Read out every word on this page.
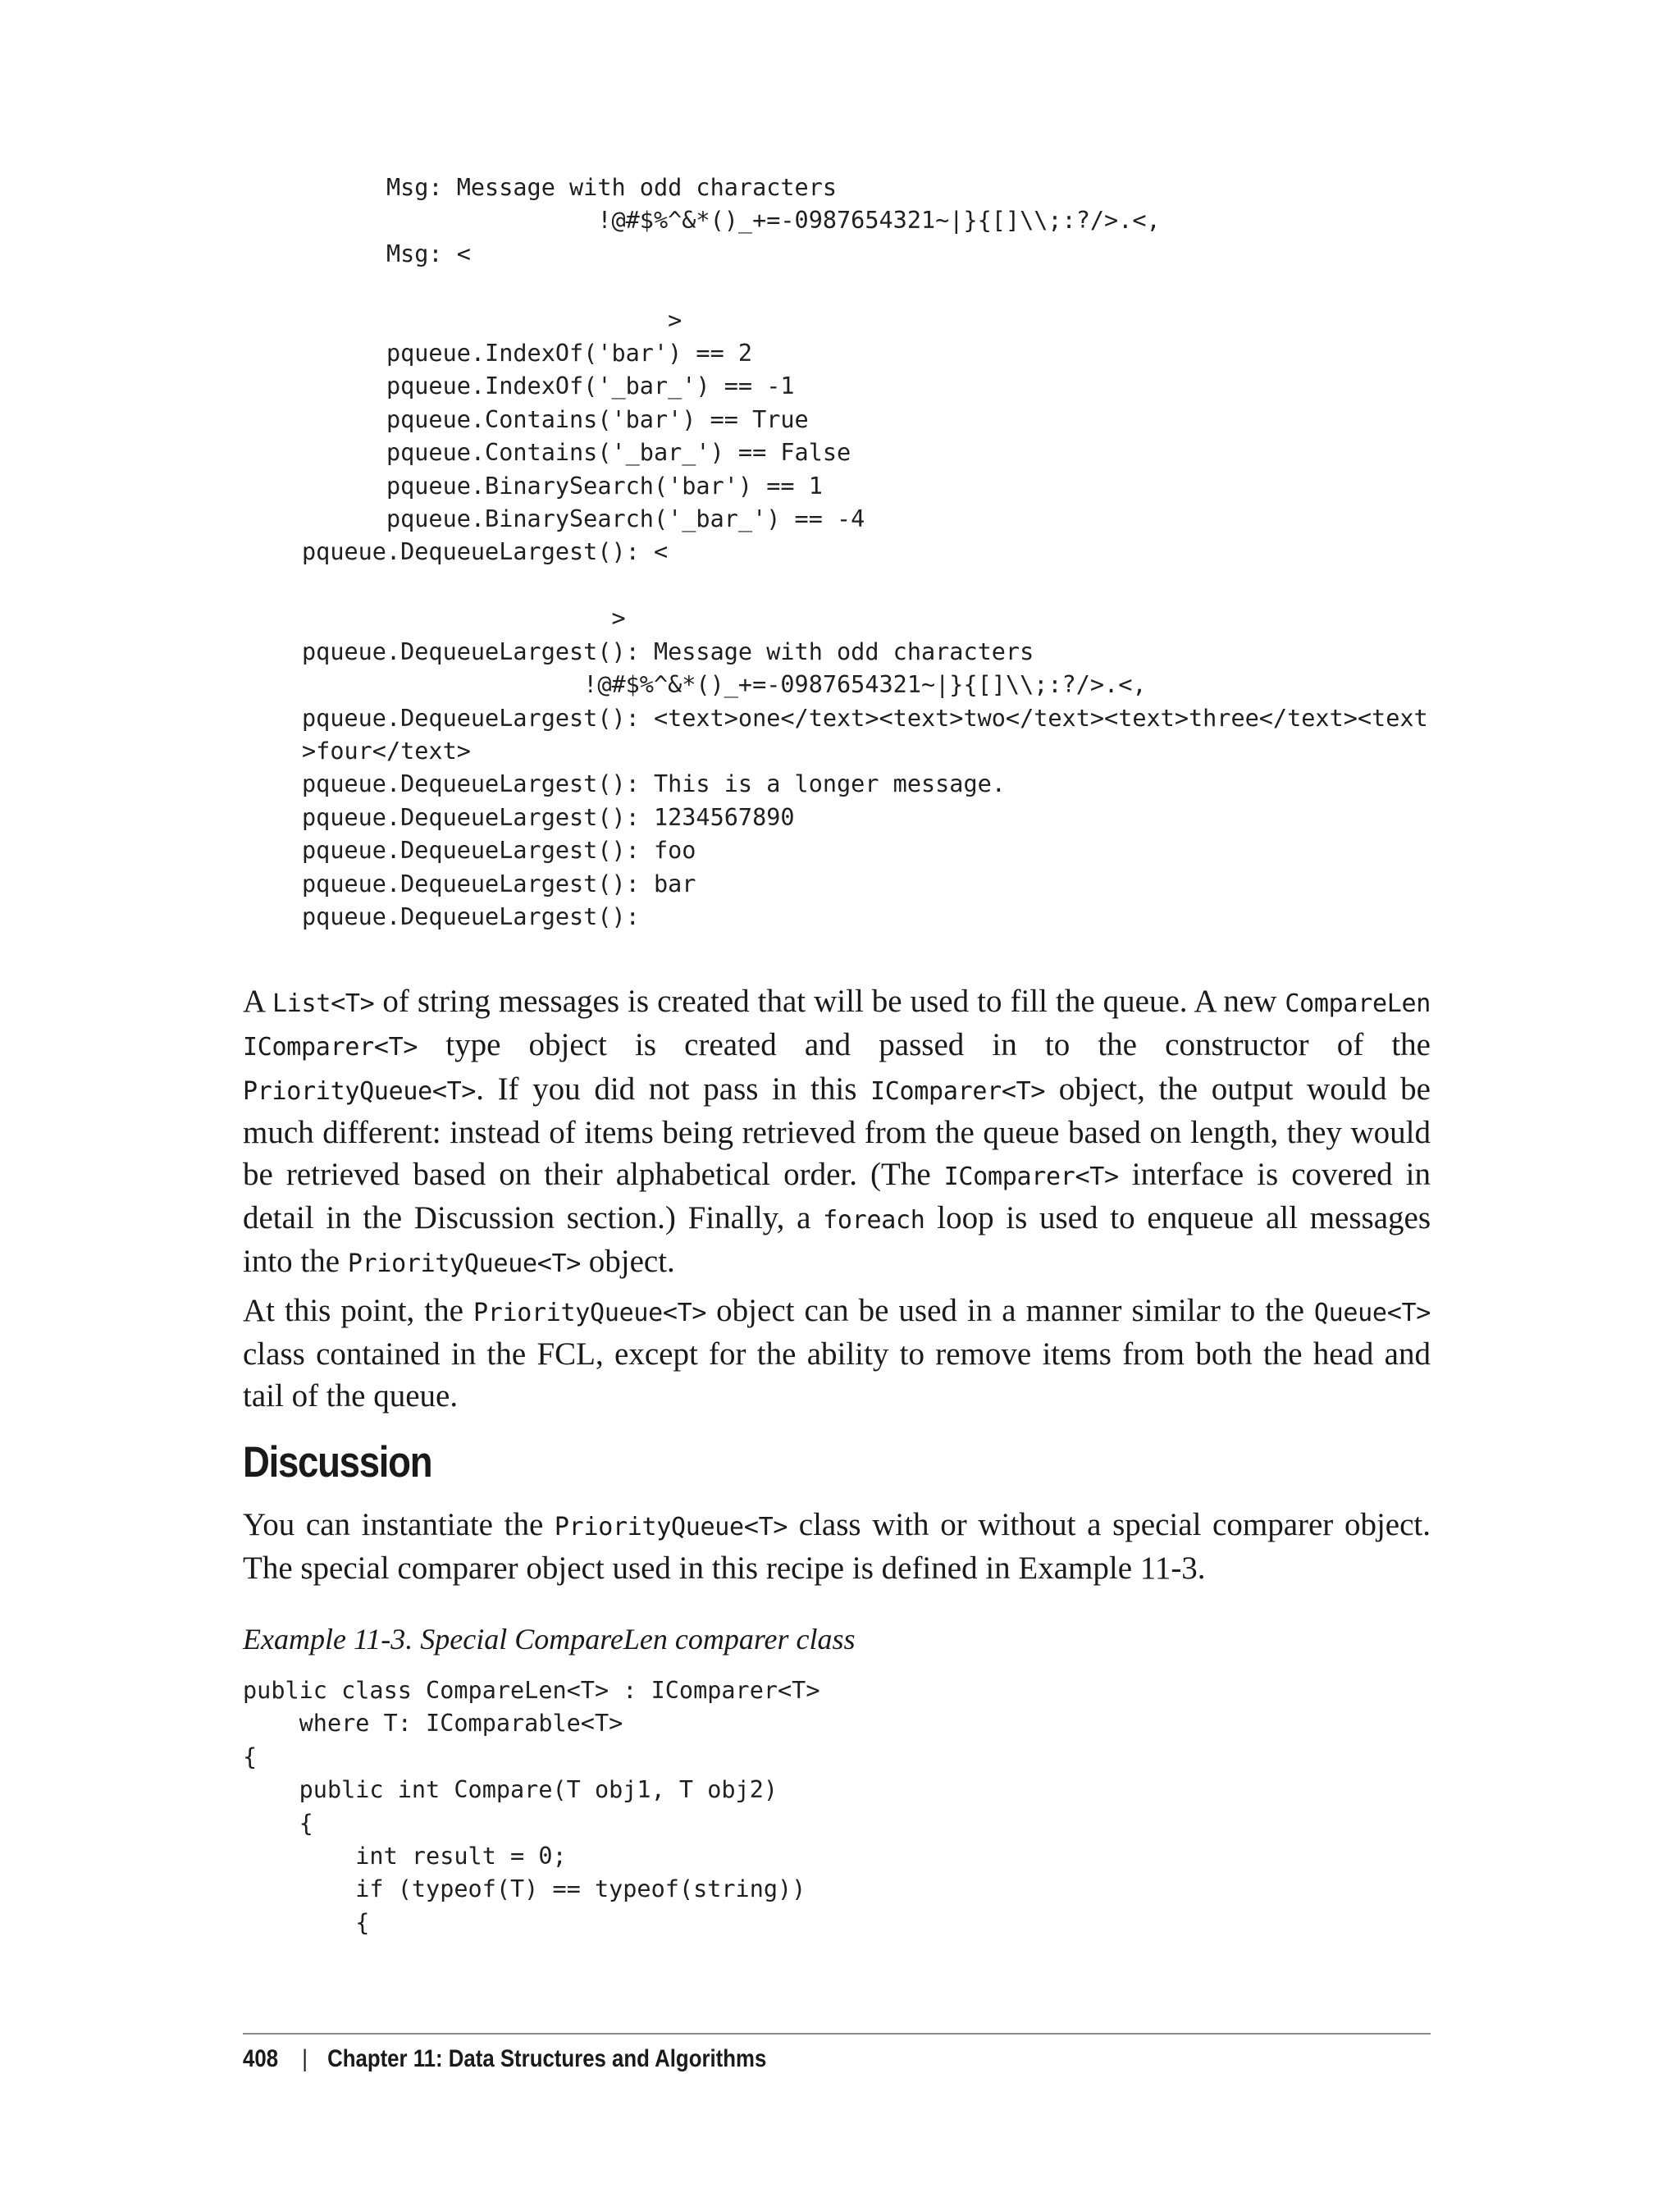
Msg: Message with odd characters
!@#$%^&*()_+=-0987654321~|}{[]\\;:?/>.<,
Msg: <

>
pqueue.IndexOf('bar') == 2
pqueue.IndexOf('_bar_') == -1
pqueue.Contains('bar') == True
pqueue.Contains('_bar_') == False
pqueue.BinarySearch('bar') == 1
pqueue.BinarySearch('_bar_') == -4
pqueue.DequeueLargest(): <

>
pqueue.DequeueLargest(): Message with odd characters
!@#$%^&*()_+=-0987654321~|}{[]\\;:?/>.<,
pqueue.DequeueLargest(): <text>one</text><text>two</text><text>three</text><text
>four</text>
pqueue.DequeueLargest(): This is a longer message.
pqueue.DequeueLargest(): 1234567890
pqueue.DequeueLargest(): foo
pqueue.DequeueLargest(): bar
pqueue.DequeueLargest():

A List<T> of string messages is created that will be used to fill the queue. A new CompareLen IComparer<T> type object is created and passed in to the constructor of the PriorityQueue<T>. If you did not pass in this IComparer<T> object, the output would be much different: instead of items being retrieved from the queue based on length, they would be retrieved based on their alphabetical order. (The IComparer<T> interface is covered in detail in the Discussion section.) Finally, a foreach loop is used to enqueue all messages into the PriorityQueue<T> object.

At this point, the PriorityQueue<T> object can be used in a manner similar to the Queue<T> class contained in the FCL, except for the ability to remove items from both the head and tail of the queue.

Discussion

You can instantiate the PriorityQueue<T> class with or without a special comparer object. The special comparer object used in this recipe is defined in Example 11-3.

Example 11-3. Special CompareLen comparer class

public class CompareLen<T> : IComparer<T>
where T: IComparable<T>
{
public int Compare(T obj1, T obj2)
{
int result = 0;
if (typeof(T) == typeof(string))
{
408 | Chapter 11: Data Structures and Algorithms
